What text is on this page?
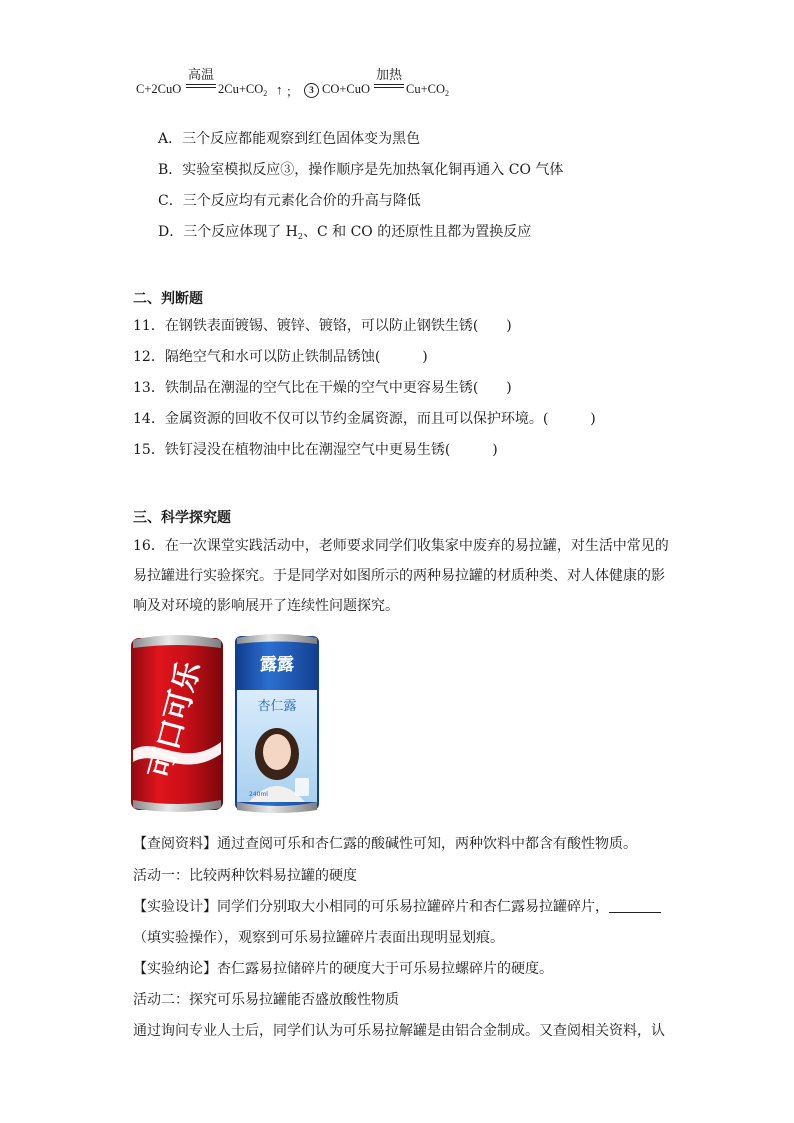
C+2CuO
高温
$2Cu+CO_2$ ↑ ；	3 CO+CuO
加热
$Cu+CO_2$
A．三个反应都能观察到红色固体变为黑色
B．实验室模拟反应③，操作顺序是先加热氧化铜再通入 CO 气体
C．三个反应均有元素化合价的升高与降低
D．三个反应体现了 $H_2$、C 和 CO 的还原性且都为置换反应
二、判断题
11．在钢铁表面镀锡、镀锌、镀铬，可以防止钢铁生锈(　　)
12．隔绝空气和水可以防止铁制品锈蚀(　　　)
13．铁制品在潮湿的空气比在干燥的空气中更容易生锈(　　)
14．金属资源的回收不仅可以节约金属资源，而且可以保护环境。(　　　)
15．铁钉浸没在植物油中比在潮湿空气中更易生锈(　　　)
三、科学探究题
16．在一次课堂实践活动中，老师要求同学们收集家中废弃的易拉罐，对生活中常见的
易拉罐进行实验探究。于是同学对如图所示的两种易拉罐的材质种类、对人体健康的影
响及对环境的影响展开了连续性问题探究。
可口可乐	露露
杏仁露
240ml
【查阅资料】通过查阅可乐和杏仁露的酸碱性可知，两种饮料中都含有酸性物质。
活动一：比较两种饮料易拉罐的硬度
【实验设计】同学们分别取大小相同的可乐易拉罐碎片和杏仁露易拉罐碎片，
（填实验操作），观察到可乐易拉罐碎片表面出现明显划痕。
【实验纳论】杏仁露易拉储碎片的硬度大于可乐易拉螺碎片的硬度。
活动二：探究可乐易拉罐能否盛放酸性物质
通过询问专业人士后，同学们认为可乐易拉解罐是由铝合金制成。又查阅相关资料，认
